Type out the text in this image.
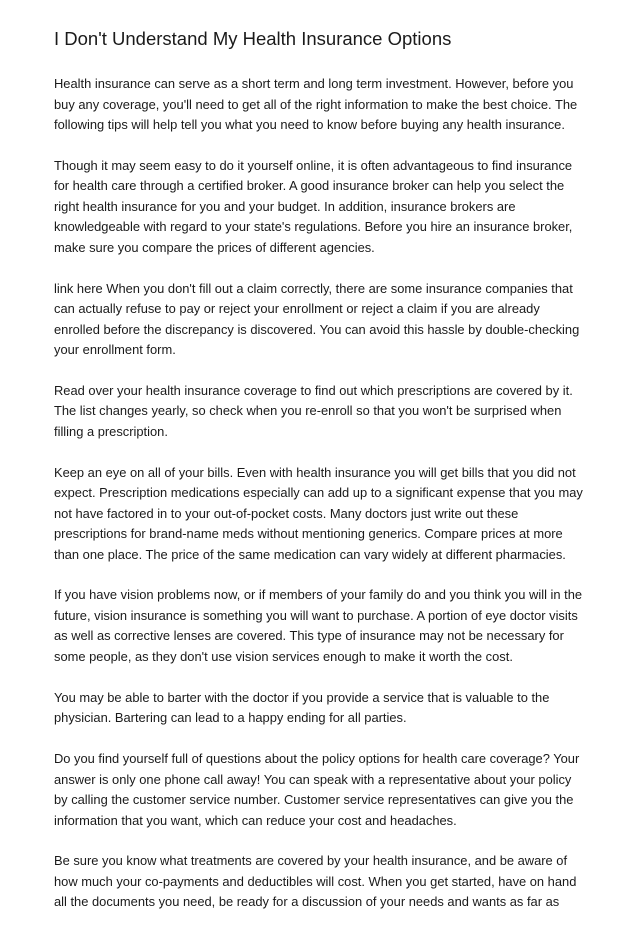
I Don't Understand My Health Insurance Options

Health insurance can serve as a short term and long term investment. However, before you
buy any coverage, you'll need to get all of the right information to make the best choice. The
following tips will help tell you what you need to know before buying any health insurance.

Though it may seem easy to do it yourself online, it is often advantageous to find insurance
for health care through a certified broker. A good insurance broker can help you select the
right health insurance for you and your budget. In addition, insurance brokers are
knowledgeable with regard to your state's regulations. Before you hire an insurance broker,
make sure you compare the prices of different agencies.

link here When you don't fill out a claim correctly, there are some insurance companies that
can actually refuse to pay or reject your enrollment or reject a claim if you are already
enrolled before the discrepancy is discovered. You can avoid this hassle by double-checking
your enrollment form.

Read over your health insurance coverage to find out which prescriptions are covered by it.
The list changes yearly, so check when you re-enroll so that you won't be surprised when
filling a prescription.

Keep an eye on all of your bills. Even with health insurance you will get bills that you did not
expect. Prescription medications especially can add up to a significant expense that you may
not have factored in to your out-of-pocket costs. Many doctors just write out these
prescriptions for brand-name meds without mentioning generics. Compare prices at more
than one place. The price of the same medication can vary widely at different pharmacies.

If you have vision problems now, or if members of your family do and you think you will in the
future, vision insurance is something you will want to purchase. A portion of eye doctor visits
as well as corrective lenses are covered. This type of insurance may not be necessary for
some people, as they don't use vision services enough to make it worth the cost.

You may be able to barter with the doctor if you provide a service that is valuable to the
physician. Bartering can lead to a happy ending for all parties.

Do you find yourself full of questions about the policy options for health care coverage? Your
answer is only one phone call away! You can speak with a representative about your policy
by calling the customer service number. Customer service representatives can give you the
information that you want, which can reduce your cost and headaches.

Be sure you know what treatments are covered by your health insurance, and be aware of
how much your co-payments and deductibles will cost. When you get started, have on hand
all the documents you need, be ready for a discussion of your needs and wants as far as
